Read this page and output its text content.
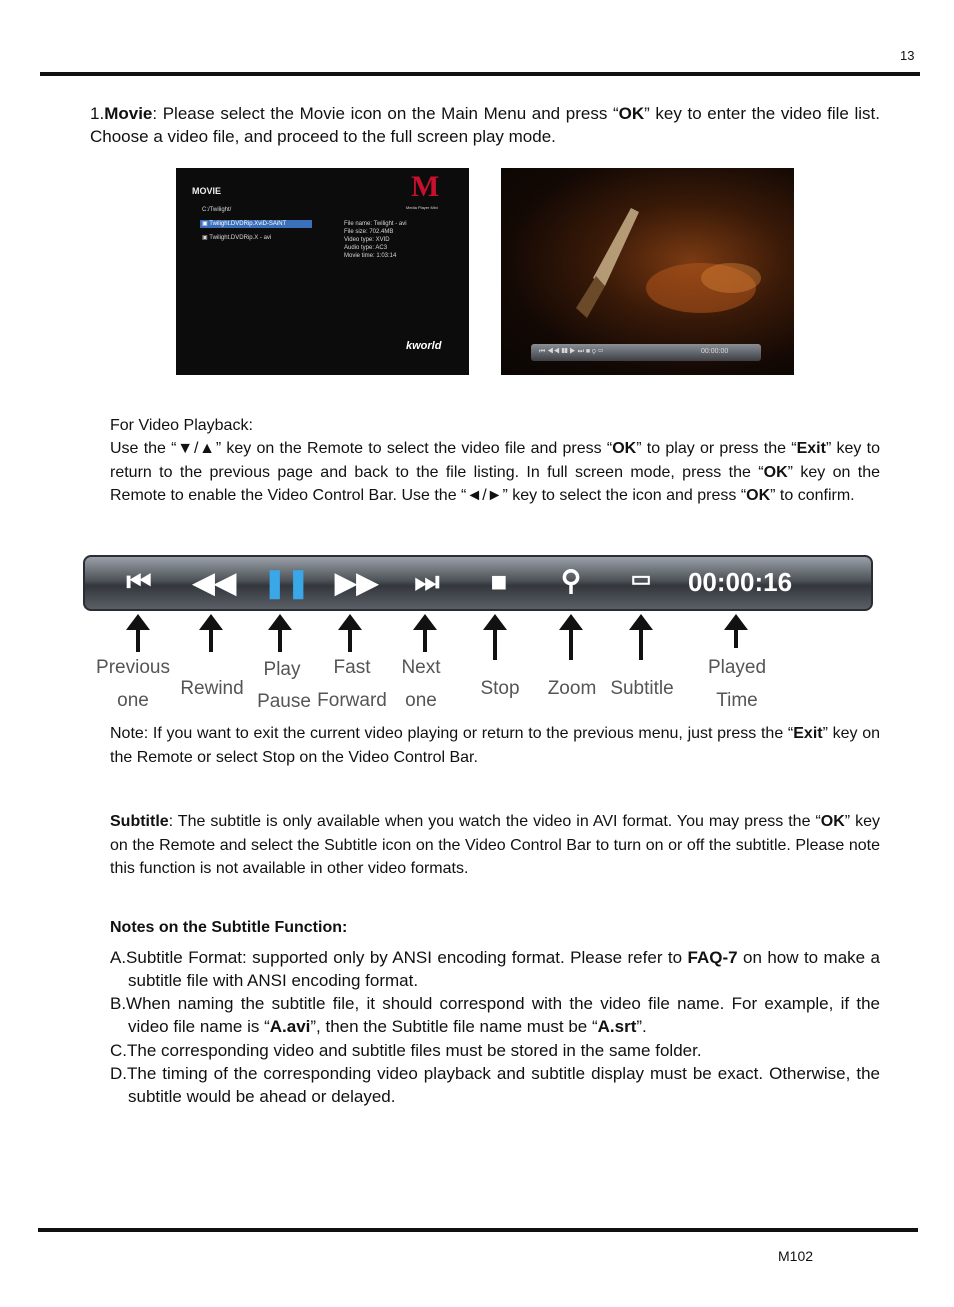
13
1.Movie: Please select the Movie icon on the Main Menu and press “OK” key to enter the video file list. Choose a video file, and proceed to the full screen play mode.
MOVIE	M
Media Player Mini
C:/Twilight/
▣ Twilight.DVDRip.XviD-SAiNT
▣ Twilight.DVDRip.X - avi
File name: Twilight - avi
File size: 702.4MB
Video type: XVID
Audio type: AC3
Movie time: 1:03:14
kworld	⏮ ◀◀ ❚❚ ▶ ⏭ ■ ⚲ ▭	00:00:00
For Video Playback:
Use the “▼/▲” key on the Remote to select the video file and press “OK” to play or press the “Exit” key to return to the previous page and back to the file listing. In full screen mode, press the “OK” key on the Remote to enable the Video Control Bar. Use the “◄/►” key to select the icon and press “OK” to confirm.
⏮ ◀◀ ❚❚ ▶▶ ⏭	■	⚲	▭	00:00:16
Previous
one
Rewind
Play
Pause
Fast
Forward
Next
one
Stop	Zoom Subtitle
Played
Time
Note: If you want to exit the current video playing or return to the previous menu, just press the “Exit” key on the Remote or select Stop on the Video Control Bar.
Subtitle: The subtitle is only available when you watch the video in AVI format. You may press the “OK” key on the Remote and select the Subtitle icon on the Video Control Bar to turn on or off the subtitle. Please note this function is not available in other video formats.
Notes on the Subtitle Function:
A.Subtitle Format: supported only by ANSI encoding format. Please refer to FAQ-7 on how to make a subtitle file with ANSI encoding format.
B.When naming the subtitle file, it should correspond with the video file name. For example, if the video file name is “A.avi”, then the Subtitle file name must be “A.srt”.
C.The corresponding video and subtitle files must be stored in the same folder.
D.The timing of the corresponding video playback and subtitle display must be exact. Otherwise, the subtitle would be ahead or delayed.
M102
